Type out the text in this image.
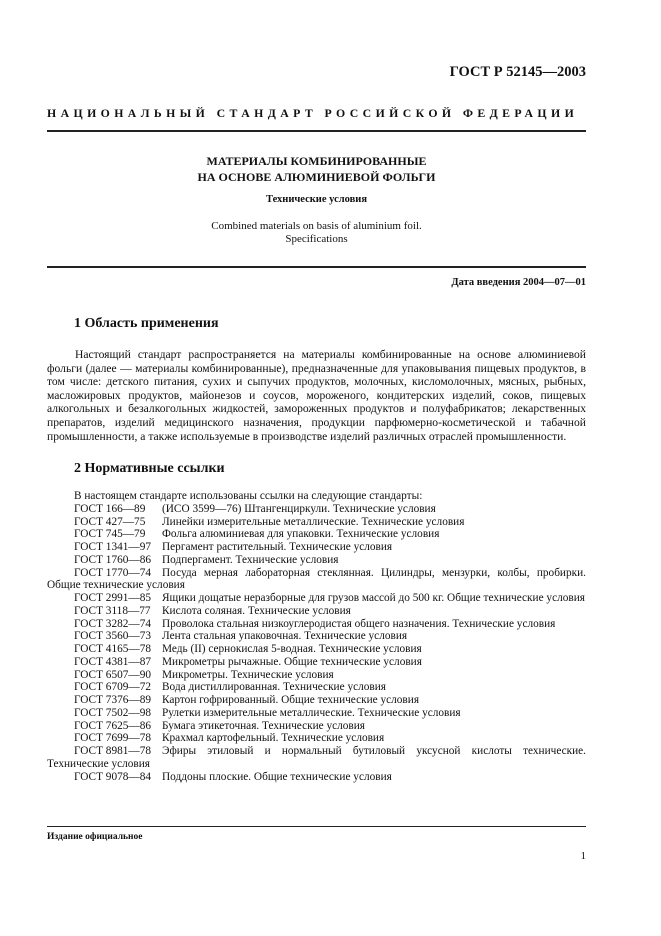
ГОСТ Р 52145—2003
НАЦИОНАЛЬНЫЙ СТАНДАРТ РОССИЙСКОЙ ФЕДЕРАЦИИ
МАТЕРИАЛЫ КОМБИНИРОВАННЫЕ
НА ОСНОВЕ АЛЮМИНИЕВОЙ ФОЛЬГИ
Технические условия
Combined materials on basis of aluminium foil.
Specifications
Дата введения 2004—07—01
1 Область применения
Настоящий стандарт распространяется на материалы комбинированные на основе алюминиевой фольги (далее — материалы комбинированные), предназначенные для упаковывания пищевых продуктов, в том числе: детского питания, сухих и сыпучих продуктов, молочных, кисломолочных, мясных, рыбных, масложировых продуктов, майонезов и соусов, мороженого, кондитерских изделий, соков, пищевых алкогольных и безалкогольных жидкостей, замороженных продуктов и полуфабрикатов; лекарственных препаратов, изделий медицинского назначения, продукции парфюмерно-косметической и табачной промышленности, а также используемые в производстве изделий различных отраслей промышленности.
2 Нормативные ссылки
В настоящем стандарте использованы ссылки на следующие стандарты:
ГОСТ 166—89 (ИСО 3599—76) Штангенциркули. Технические условия
ГОСТ 427—75 Линейки измерительные металлические. Технические условия
ГОСТ 745—79 Фольга алюминиевая для упаковки. Технические условия
ГОСТ 1341—97 Пергамент растительный. Технические условия
ГОСТ 1760—86 Подпергамент. Технические условия
ГОСТ 1770—74 Посуда мерная лабораторная стеклянная. Цилиндры, мензурки, колбы, пробирки. Общие технические условия
ГОСТ 2991—85 Ящики дощатые неразборные для грузов массой до 500 кг. Общие технические условия
ГОСТ 3118—77 Кислота соляная. Технические условия
ГОСТ 3282—74 Проволока стальная низкоуглеродистая общего назначения. Технические условия
ГОСТ 3560—73 Лента стальная упаковочная. Технические условия
ГОСТ 4165—78 Медь (II) сернокислая 5-водная. Технические условия
ГОСТ 4381—87 Микрометры рычажные. Общие технические условия
ГОСТ 6507—90 Микрометры. Технические условия
ГОСТ 6709—72 Вода дистиллированная. Технические условия
ГОСТ 7376—89 Картон гофрированный. Общие технические условия
ГОСТ 7502—98 Рулетки измерительные металлические. Технические условия
ГОСТ 7625—86 Бумага этикеточная. Технические условия
ГОСТ 7699—78 Крахмал картофельный. Технические условия
ГОСТ 8981—78 Эфиры этиловый и нормальный бутиловый уксусной кислоты технические. Технические условия
ГОСТ 9078—84 Поддоны плоские. Общие технические условия
Издание официальное
1
